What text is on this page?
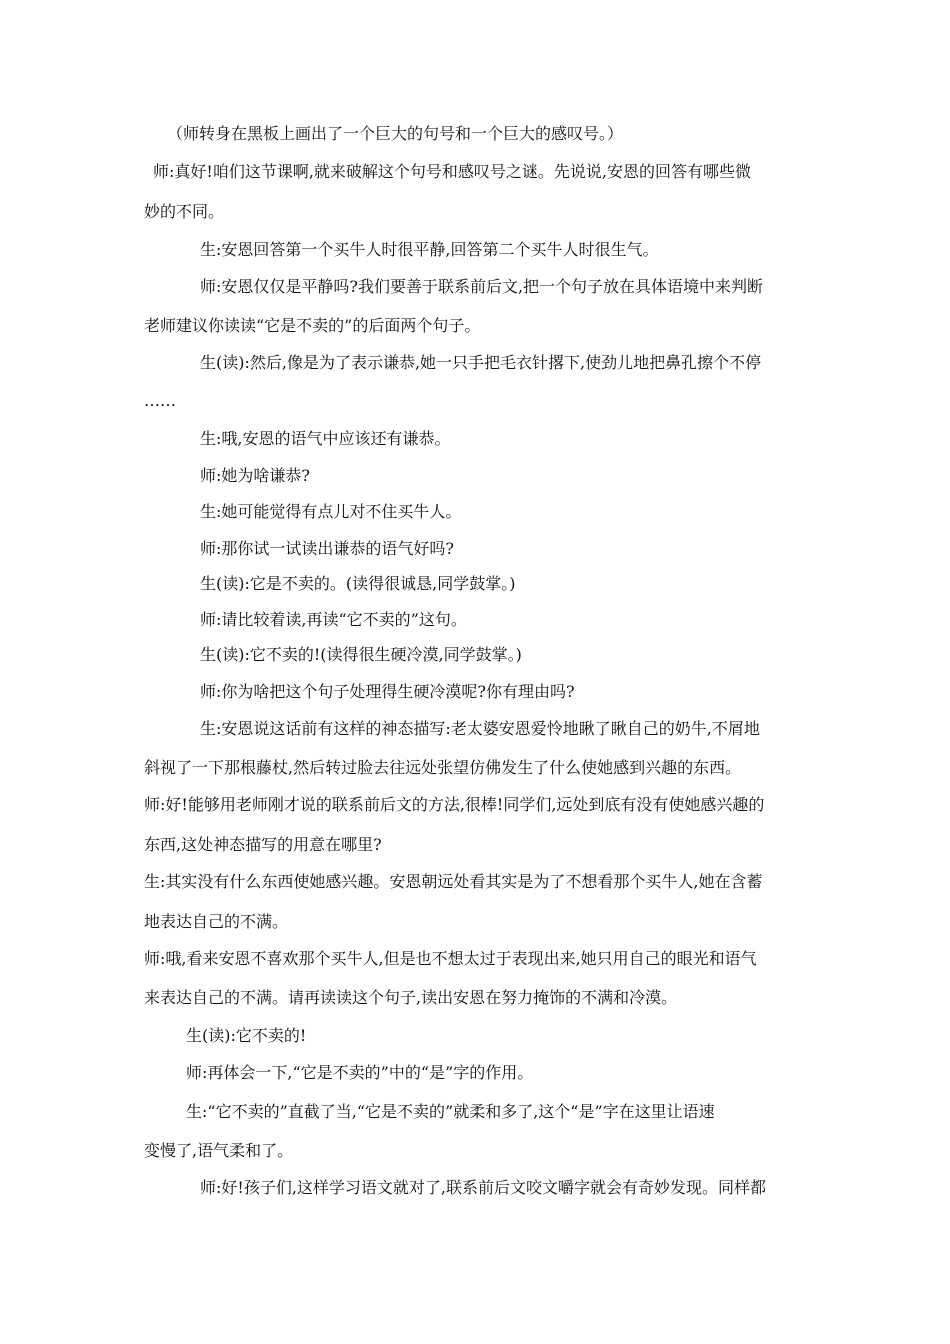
（师转身在黑板上画出了一个巨大的句号和一个巨大的感叹号。）
师:真好!咱们这节课啊,就来破解这个句号和感叹号之谜。先说说,安恩的回答有哪些微
妙的不同。
生:安恩回答第一个买牛人时很平静,回答第二个买牛人时很生气。
师:安恩仅仅是平静吗?我们要善于联系前后文,把一个句子放在具体语境中来判断
老师建议你读读“它是不卖的”的后面两个句子。
生(读):然后,像是为了表示谦恭,她一只手把毛衣针撂下,使劲儿地把鼻孔擦个不停
……
生:哦,安恩的语气中应该还有谦恭。
师:她为啥谦恭?
生:她可能觉得有点儿对不住买牛人。
师:那你试一试读出谦恭的语气好吗?
生(读):它是不卖的。(读得很诚恳,同学鼓掌。)
师:请比较着读,再读“它不卖的”这句。
生(读):它不卖的!(读得很生硬冷漠,同学鼓掌。)
师:你为啥把这个句子处理得生硬冷漠呢?你有理由吗?
生:安恩说这话前有这样的神态描写:老太婆安恩爱怜地瞅了瞅自己的奶牛,不屑地
斜视了一下那根藤杖,然后转过脸去往远处张望仿佛发生了什么使她感到兴趣的东西。
师:好!能够用老师刚才说的联系前后文的方法,很棒!同学们,远处到底有没有使她感兴趣的
东西,这处神态描写的用意在哪里?
生:其实没有什么东西使她感兴趣。安恩朝远处看其实是为了不想看那个买牛人,她在含蓄
地表达自己的不满。
师:哦,看来安恩不喜欢那个买牛人,但是也不想太过于表现出来,她只用自己的眼光和语气
来表达自己的不满。请再读读这个句子,读出安恩在努力掩饰的不满和冷漠。
生(读):它不卖的!
师:再体会一下,“它是不卖的”中的“是”字的作用。
生:“它不卖的”直截了当,“它是不卖的”就柔和多了,这个“是”字在这里让语速
变慢了,语气柔和了。
师:好!孩子们,这样学习语文就对了,联系前后文咬文嚼字就会有奇妙发现。同样都
